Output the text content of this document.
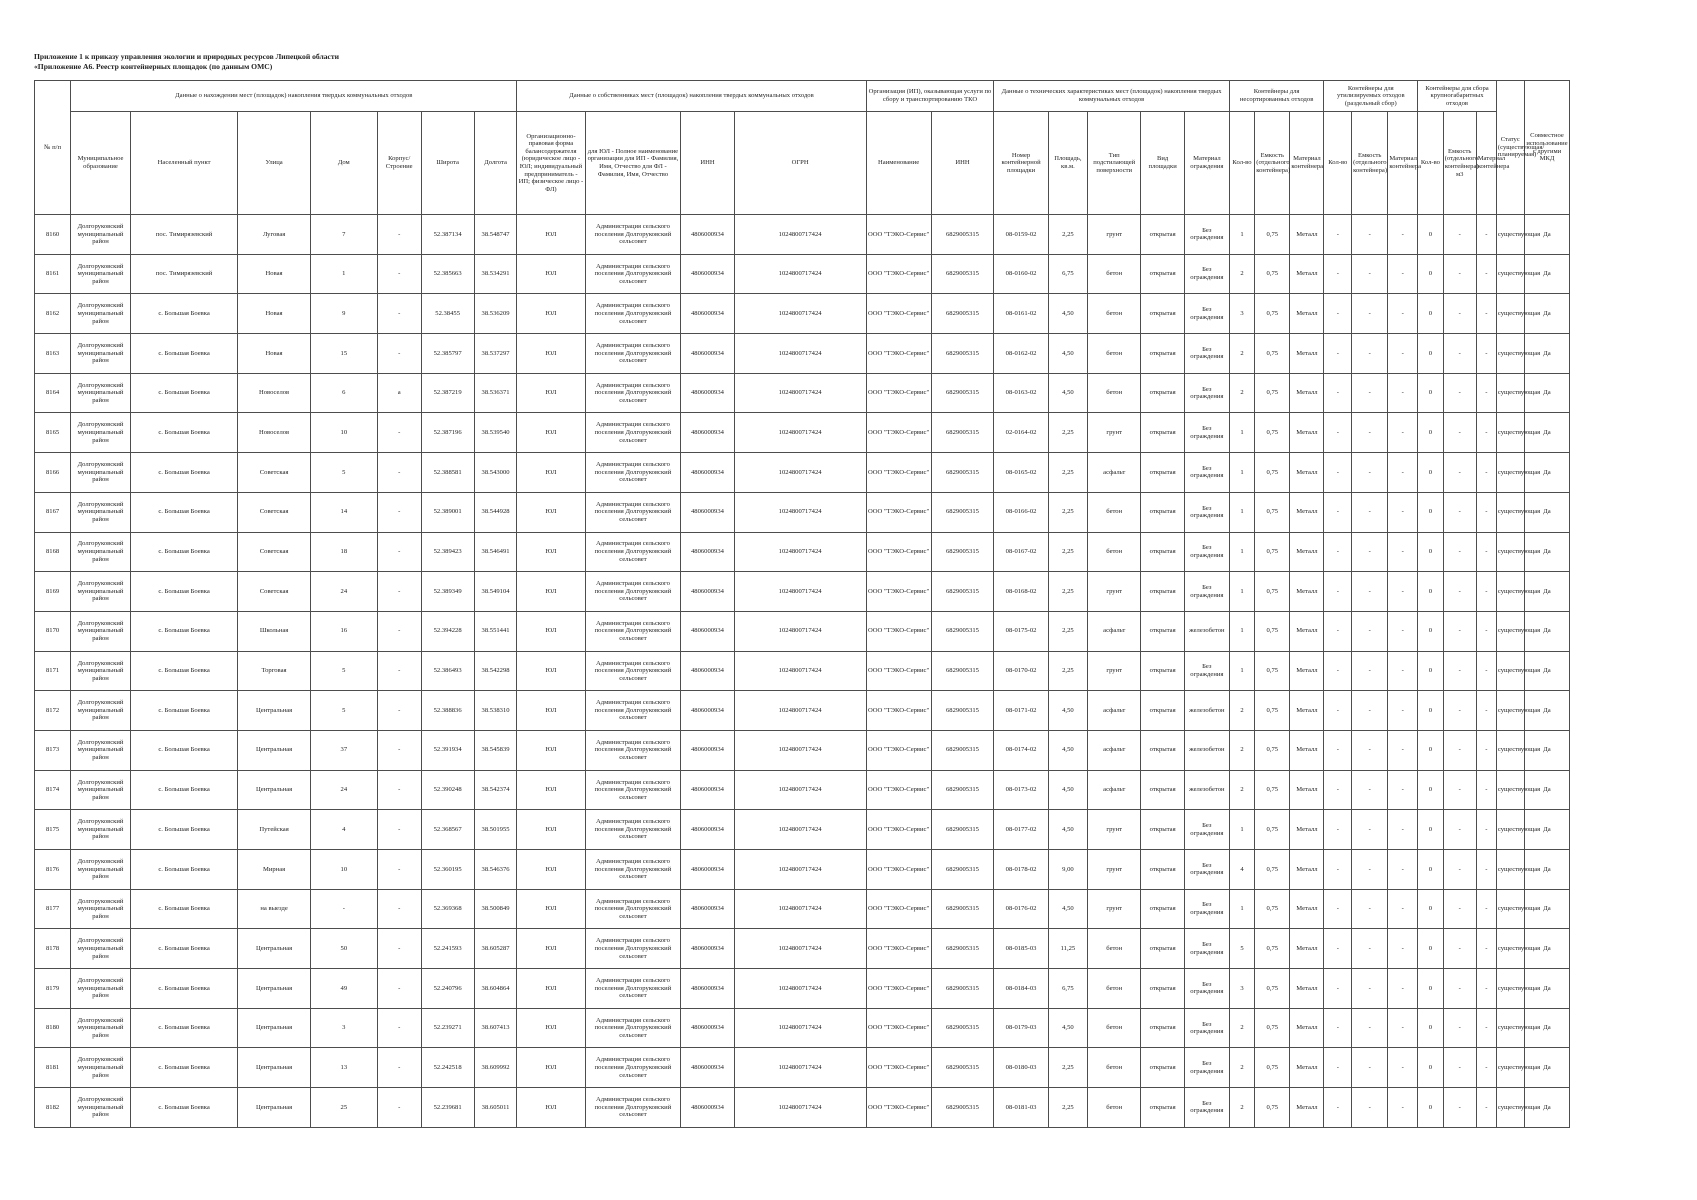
Приложение 1 к приказу управления экологии и природных ресурсов Липецкой области
«Приложение А6. Реестр контейнерных площадок (по данным ОМС)
№ п/п	Данные о нахождении мест (площадок) накопления твердых коммунальных отходов							Данные о собственниках мест (площадок) накопления твердых коммунальных отходов				Организация (ИП), оказывающая услуги по сбору и транспортированию ТКО		Данные о технических характеристиках мест (площадок) накопления твердых коммунальных отходов					Контейнеры для несортированных отходов			Контейнеры для утилизируемых отходов (раздельный сбор)			Контейнеры для сбора крупногабаритных отходов			Статус (существующая/планируемая)	Совместное использование с другими МКД
	Муниципальное образование	Населенный пункт	Улица	Дом	Корпус/Строение	Широта	Долгота	Организационно-правовая форма балансодержателя (юридическое лицо - ЮЛ; индивидуальный предприниматель - ИП; физическое лицо - ФЛ)	для ЮЛ - Полное наименование организации для ИП - Фамилия, Имя, Отчество для ФЛ - Фамилия, Имя, Отчество	ИНН	ОГРН	Наименование	ИНН	Номер контейнерной площадки	Площадь, кв.м.	Тип подстилающей поверхности	Вид площадки	Материал ограждения	Кол-во	Емкость (отдельного контейнера)	Материал контейнера	Кол-во	Емкость (отдельного контейнера)	Материал контейнера	Кол-во	Емкость (отдельного контейнера) м3	Материал контейнера		
8160	Долгоруковский муниципальный район	пос. Тимирязевский	Луговая	7	-	52.387134	38.548747	ЮЛ	Администрация сельского поселения Долгоруковский сельсовет	4806000934	1024800717424	ООО "ТЭКО-Сервис"	6829005315	08-0159-02	2,25	грунт	открытая	Без ограждения	1	0,75	Металл	-	-	-	0	-	-	существующая	Да
8161	Долгоруковский муниципальный район	пос. Тимирязевский	Новая	1	-	52.385663	38.534291	ЮЛ	Администрация сельского поселения Долгоруковский сельсовет	4806000934	1024800717424	ООО "ТЭКО-Сервис"	6829005315	08-0160-02	6,75	бетон	открытая	Без ограждения	2	0,75	Металл	-	-	-	0	-	-	существующая	Да
8162	Долгоруковский муниципальный район	с. Большая Боевка	Новая	9	-	52.38455	38.536209	ЮЛ	Администрация сельского поселения Долгоруковский сельсовет	4806000934	1024800717424	ООО "ТЭКО-Сервис"	6829005315	08-0161-02	4,50	бетон	открытая	Без ограждения	3	0,75	Металл	-	-	-	0	-	-	существующая	Да
8163	Долгоруковский муниципальный район	с. Большая Боевка	Новая	15	-	52.385797	38.537297	ЮЛ	Администрация сельского поселения Долгоруковский сельсовет	4806000934	1024800717424	ООО "ТЭКО-Сервис"	6829005315	08-0162-02	4,50	бетон	открытая	Без ограждения	2	0,75	Металл	-	-	-	0	-	-	существующая	Да
8164	Долгоруковский муниципальный район	с. Большая Боевка	Новоселов	6	а	52.387219	38.536371	ЮЛ	Администрация сельского поселения Долгоруковский сельсовет	4806000934	1024800717424	ООО "ТЭКО-Сервис"	6829005315	08-0163-02	4,50	бетон	открытая	Без ограждения	2	0,75	Металл	-	-	-	0	-	-	существующая	Да
8165	Долгоруковский муниципальный район	с. Большая Боевка	Новоселов	10	-	52.387196	38.539540	ЮЛ	Администрация сельского поселения Долгоруковский сельсовет	4806000934	1024800717424	ООО "ТЭКО-Сервис"	6829005315	02-0164-02	2,25	грунт	открытая	Без ограждения	1	0,75	Металл	-	-	-	0	-	-	существующая	Да
8166	Долгоруковский муниципальный район	с. Большая Боевка	Советская	5	-	52.388581	38.543000	ЮЛ	Администрация сельского поселения Долгоруковский сельсовет	4806000934	1024800717424	ООО "ТЭКО-Сервис"	6829005315	08-0165-02	2,25	асфальт	открытая	Без ограждения	1	0,75	Металл	-	-	-	0	-	-	существующая	Да
8167	Долгоруковский муниципальный район	с. Большая Боевка	Советская	14	-	52.389001	38.544928	ЮЛ	Администрация сельского поселения Долгоруковский сельсовет	4806000934	1024800717424	ООО "ТЭКО-Сервис"	6829005315	08-0166-02	2,25	бетон	открытая	Без ограждения	1	0,75	Металл	-	-	-	0	-	-	существующая	Да
8168	Долгоруковский муниципальный район	с. Большая Боевка	Советская	18	-	52.389423	38.546491	ЮЛ	Администрация сельского поселения Долгоруковский сельсовет	4806000934	1024800717424	ООО "ТЭКО-Сервис"	6829005315	08-0167-02	2,25	бетон	открытая	Без ограждения	1	0,75	Металл	-	-	-	0	-	-	существующая	Да
8169	Долгоруковский муниципальный район	с. Большая Боевка	Советская	24	-	52.389349	38.549104	ЮЛ	Администрация сельского поселения Долгоруковский сельсовет	4806000934	1024800717424	ООО "ТЭКО-Сервис"	6829005315	08-0168-02	2,25	грунт	открытая	Без ограждения	1	0,75	Металл	-	-	-	0	-	-	существующая	Да
8170	Долгоруковский муниципальный район	с. Большая Боевка	Школьная	16	-	52.394228	38.551441	ЮЛ	Администрация сельского поселения Долгоруковский сельсовет	4806000934	1024800717424	ООО "ТЭКО-Сервис"	6829005315	08-0175-02	2,25	асфальт	открытая	железобетон	1	0,75	Металл	-	-	-	0	-	-	существующая	Да
8171	Долгоруковский муниципальный район	с. Большая Боевка	Торговая	5	-	52.386493	38.542298	ЮЛ	Администрация сельского поселения Долгоруковский сельсовет	4806000934	1024800717424	ООО "ТЭКО-Сервис"	6829005315	08-0170-02	2,25	грунт	открытая	Без ограждения	1	0,75	Металл	-	-	-	0	-	-	существующая	Да
8172	Долгоруковский муниципальный район	с. Большая Боевка	Центральная	5	-	52.388836	38.538310	ЮЛ	Администрация сельского поселения Долгоруковский сельсовет	4806000934	1024800717424	ООО "ТЭКО-Сервис"	6829005315	08-0171-02	4,50	асфальт	открытая	железобетон	2	0,75	Металл	-	-	-	0	-	-	существующая	Да
8173	Долгоруковский муниципальный район	с. Большая Боевка	Центральная	37	-	52.391934	38.545839	ЮЛ	Администрация сельского поселения Долгоруковский сельсовет	4806000934	1024800717424	ООО "ТЭКО-Сервис"	6829005315	08-0174-02	4,50	асфальт	открытая	железобетон	2	0,75	Металл	-	-	-	0	-	-	существующая	Да
8174	Долгоруковский муниципальный район	с. Большая Боевка	Центральная	24	-	52.390248	38.542374	ЮЛ	Администрация сельского поселения Долгоруковский сельсовет	4806000934	1024800717424	ООО "ТЭКО-Сервис"	6829005315	08-0173-02	4,50	асфальт	открытая	железобетон	2	0,75	Металл	-	-	-	0	-	-	существующая	Да
8175	Долгоруковский муниципальный район	с. Большая Боевка	Путейская	4	-	52.368567	38.501955	ЮЛ	Администрация сельского поселения Долгоруковский сельсовет	4806000934	1024800717424	ООО "ТЭКО-Сервис"	6829005315	08-0177-02	4,50	грунт	открытая	Без ограждения	1	0,75	Металл	-	-	-	0	-	-	существующая	Да
8176	Долгоруковский муниципальный район	с. Большая Боевка	Мирная	10	-	52.360195	38.546376	ЮЛ	Администрация сельского поселения Долгоруковский сельсовет	4806000934	1024800717424	ООО "ТЭКО-Сервис"	6829005315	08-0178-02	9,00	грунт	открытая	Без ограждения	4	0,75	Металл	-	-	-	0	-	-	существующая	Да
8177	Долгоруковский муниципальный район	с. Большая Боевка	на выезде	-	-	52.369368	38.500849	ЮЛ	Администрация сельского поселения Долгоруковский сельсовет	4806000934	1024800717424	ООО "ТЭКО-Сервис"	6829005315	08-0176-02	4,50	грунт	открытая	Без ограждения	1	0,75	Металл	-	-	-	0	-	-	существующая	Да
8178	Долгоруковский муниципальный район	с. Большая Боевка	Центральная	50	-	52.241593	38.605287	ЮЛ	Администрация сельского поселения Долгоруковский сельсовет	4806000934	1024800717424	ООО "ТЭКО-Сервис"	6829005315	08-0185-03	11,25	бетон	открытая	Без ограждения	5	0,75	Металл	-	-	-	0	-	-	существующая	Да
8179	Долгоруковский муниципальный район	с. Большая Боевка	Центральная	49	-	52.240796	38.604864	ЮЛ	Администрация сельского поселения Долгоруковский сельсовет	4806000934	1024800717424	ООО "ТЭКО-Сервис"	6829005315	08-0184-03	6,75	бетон	открытая	Без ограждения	3	0,75	Металл	-	-	-	0	-	-	существующая	Да
8180	Долгоруковский муниципальный район	с. Большая Боевка	Центральная	3	-	52.239271	38.607413	ЮЛ	Администрация сельского поселения Долгоруковский сельсовет	4806000934	1024800717424	ООО "ТЭКО-Сервис"	6829005315	08-0179-03	4,50	бетон	открытая	Без ограждения	2	0,75	Металл	-	-	-	0	-	-	существующая	Да
8181	Долгоруковский муниципальный район	с. Большая Боевка	Центральная	13	-	52.242518	38.609992	ЮЛ	Администрация сельского поселения Долгоруковский сельсовет	4806000934	1024800717424	ООО "ТЭКО-Сервис"	6829005315	08-0180-03	2,25	бетон	открытая	Без ограждения	2	0,75	Металл	-	-	-	0	-	-	существующая	Да
8182	Долгоруковский муниципальный район	с. Большая Боевка	Центральная	25	-	52.239681	38.605011	ЮЛ	Администрация сельского поселения Долгоруковский сельсовет	4806000934	1024800717424	ООО "ТЭКО-Сервис"	6829005315	08-0181-03	2,25	бетон	открытая	Без ограждения	2	0,75	Металл	-	-	-	0	-	-	существующая	Да
